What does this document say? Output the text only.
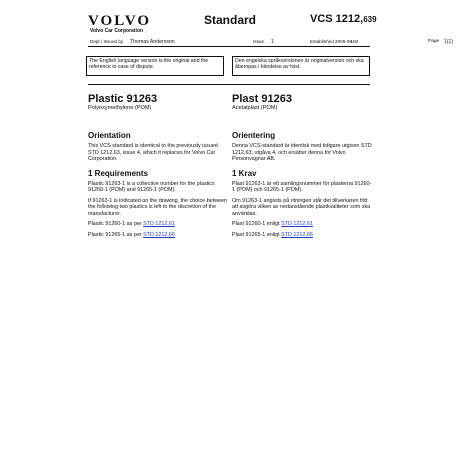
VOLVO
Volvo Car Corporation
Standard	VCS 1212,639
Dept / Issued by Thomas Andersson	Issue 1	Established 2009-06 UM	Page 1(1)
The English language version is the original and the reference in case of dispute.
Den engelska språkversionen är originalversion och ska åberopas i händelse av tvist.

Plastic 91263

Polyoxymethylene (POM)

Orientation

This VCS standard is identical to the previously issued STD 1212,63, issue 4, which it replaces for Volvo Car Corporation.

1 Requirements

Plastic 91263-1 is a collective number for the plastics 91260-1 (POM) and 91265-1 (POM).

If 91263-1 is indicated on the drawing, the choice between the following two plastics is left to the discretion of the manufacturer.

Plastic 91260-1 as per STD 1212,61

Plastic 91265-1 as per STD 1212,66

Plast 91263

Acetalplast (POM)

Orientering

Denna VCS-standard är identisk med tidigare utgiven STD 1212,63, utgåva 4, och ersätter denna för Volvo Personvagnar AB.

1 Krav

Plast 91263-1 är ett samlingsnummer för plasterna 91260-1 (POM) och 91265-1 (POM).

Om 91263-1 angivits på ritningen står det tillverkaren fritt att avgöra vilken av nedanstående plastkvaliteter som ska användas.

Plast 91260-1 enligt STD 1212,61

Plast 91265-1 enligt STD 1212,66
